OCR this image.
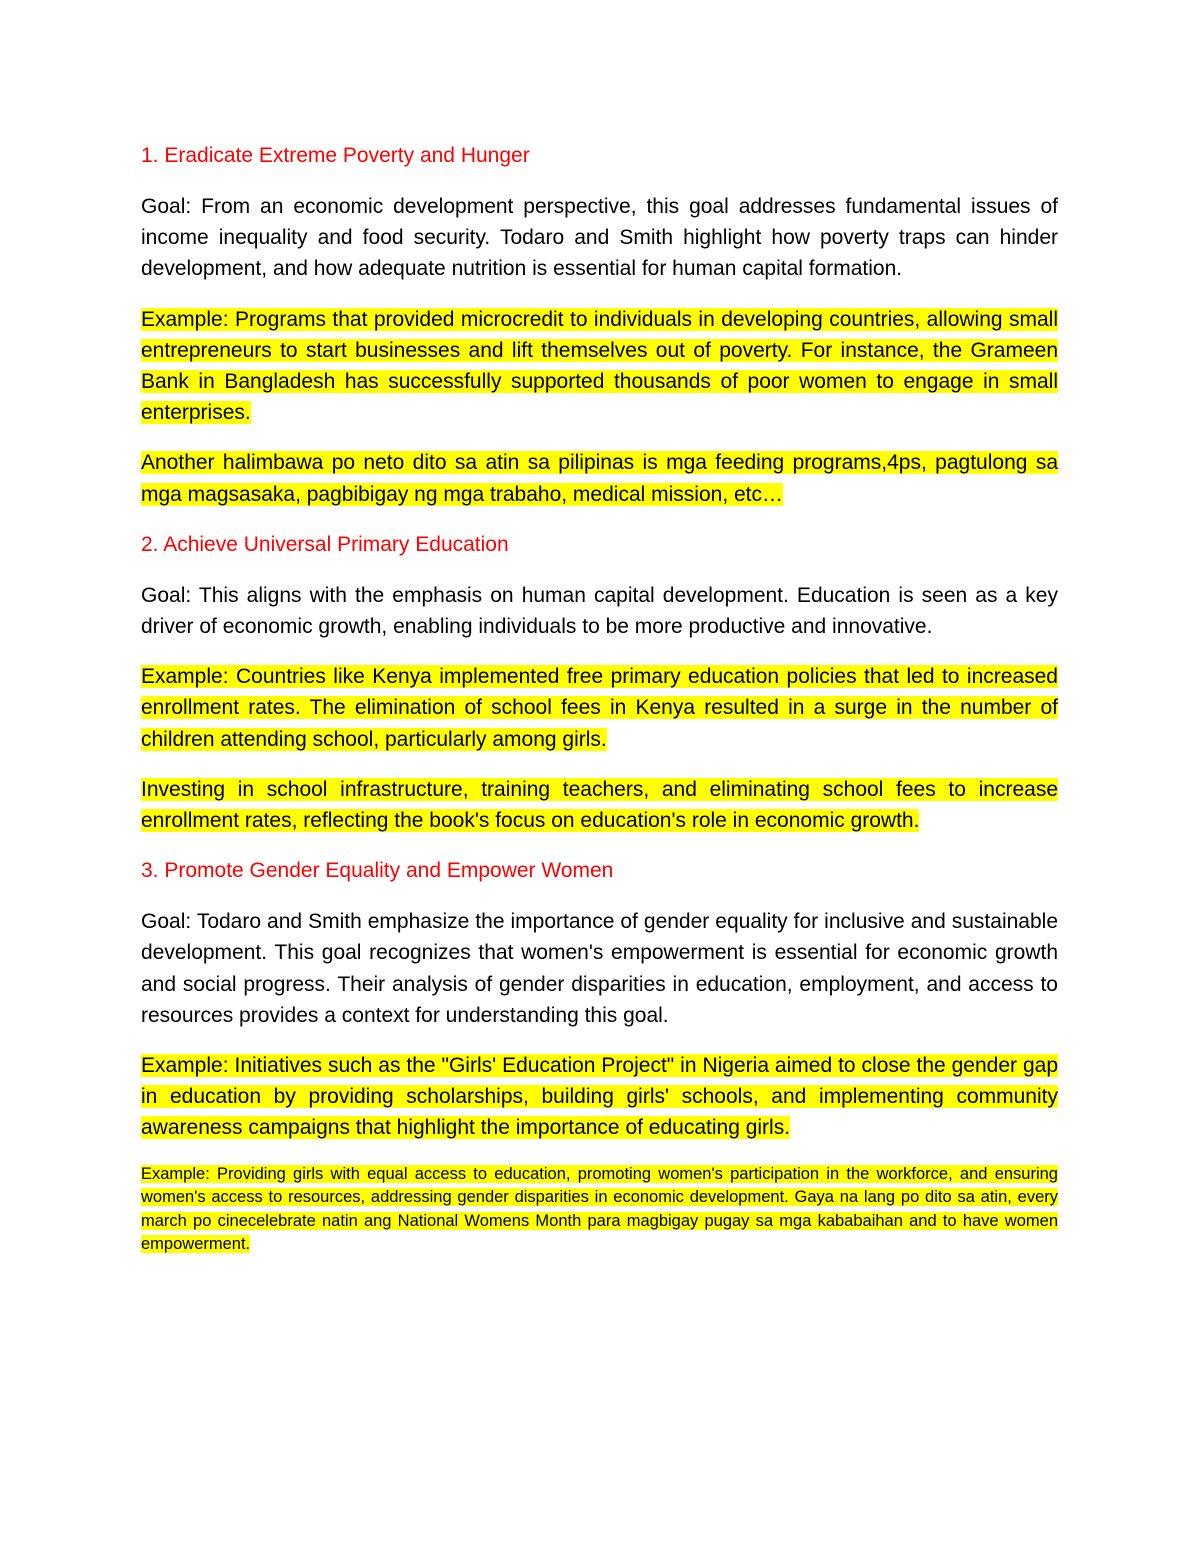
1. Eradicate Extreme Poverty and Hunger
Goal: From an economic development perspective, this goal addresses fundamental issues of income inequality and food security. Todaro and Smith highlight how poverty traps can hinder development, and how adequate nutrition is essential for human capital formation.
Example: Programs that provided microcredit to individuals in developing countries, allowing small entrepreneurs to start businesses and lift themselves out of poverty. For instance, the Grameen Bank in Bangladesh has successfully supported thousands of poor women to engage in small enterprises.
Another halimbawa po neto dito sa atin sa pilipinas is mga feeding programs,4ps, pagtulong sa mga magsasaka, pagbibigay ng mga trabaho, medical mission, etc…
2. Achieve Universal Primary Education
Goal: This aligns with the emphasis on human capital development. Education is seen as a key driver of economic growth, enabling individuals to be more productive and innovative.
Example: Countries like Kenya implemented free primary education policies that led to increased enrollment rates. The elimination of school fees in Kenya resulted in a surge in the number of children attending school, particularly among girls.
Investing in school infrastructure, training teachers, and eliminating school fees to increase enrollment rates, reflecting the book's focus on education's role in economic growth.
3. Promote Gender Equality and Empower Women
Goal: Todaro and Smith emphasize the importance of gender equality for inclusive and sustainable development. This goal recognizes that women's empowerment is essential for economic growth and social progress. Their analysis of gender disparities in education, employment, and access to resources provides a context for understanding this goal.
Example: Initiatives such as the "Girls' Education Project" in Nigeria aimed to close the gender gap in education by providing scholarships, building girls' schools, and implementing community awareness campaigns that highlight the importance of educating girls.
Example: Providing girls with equal access to education, promoting women's participation in the workforce, and ensuring women's access to resources, addressing gender disparities in economic development. Gaya na lang po dito sa atin, every march po cinecelebrate natin ang National Womens Month para magbigay pugay sa mga kababaihan and to have women empowerment.
